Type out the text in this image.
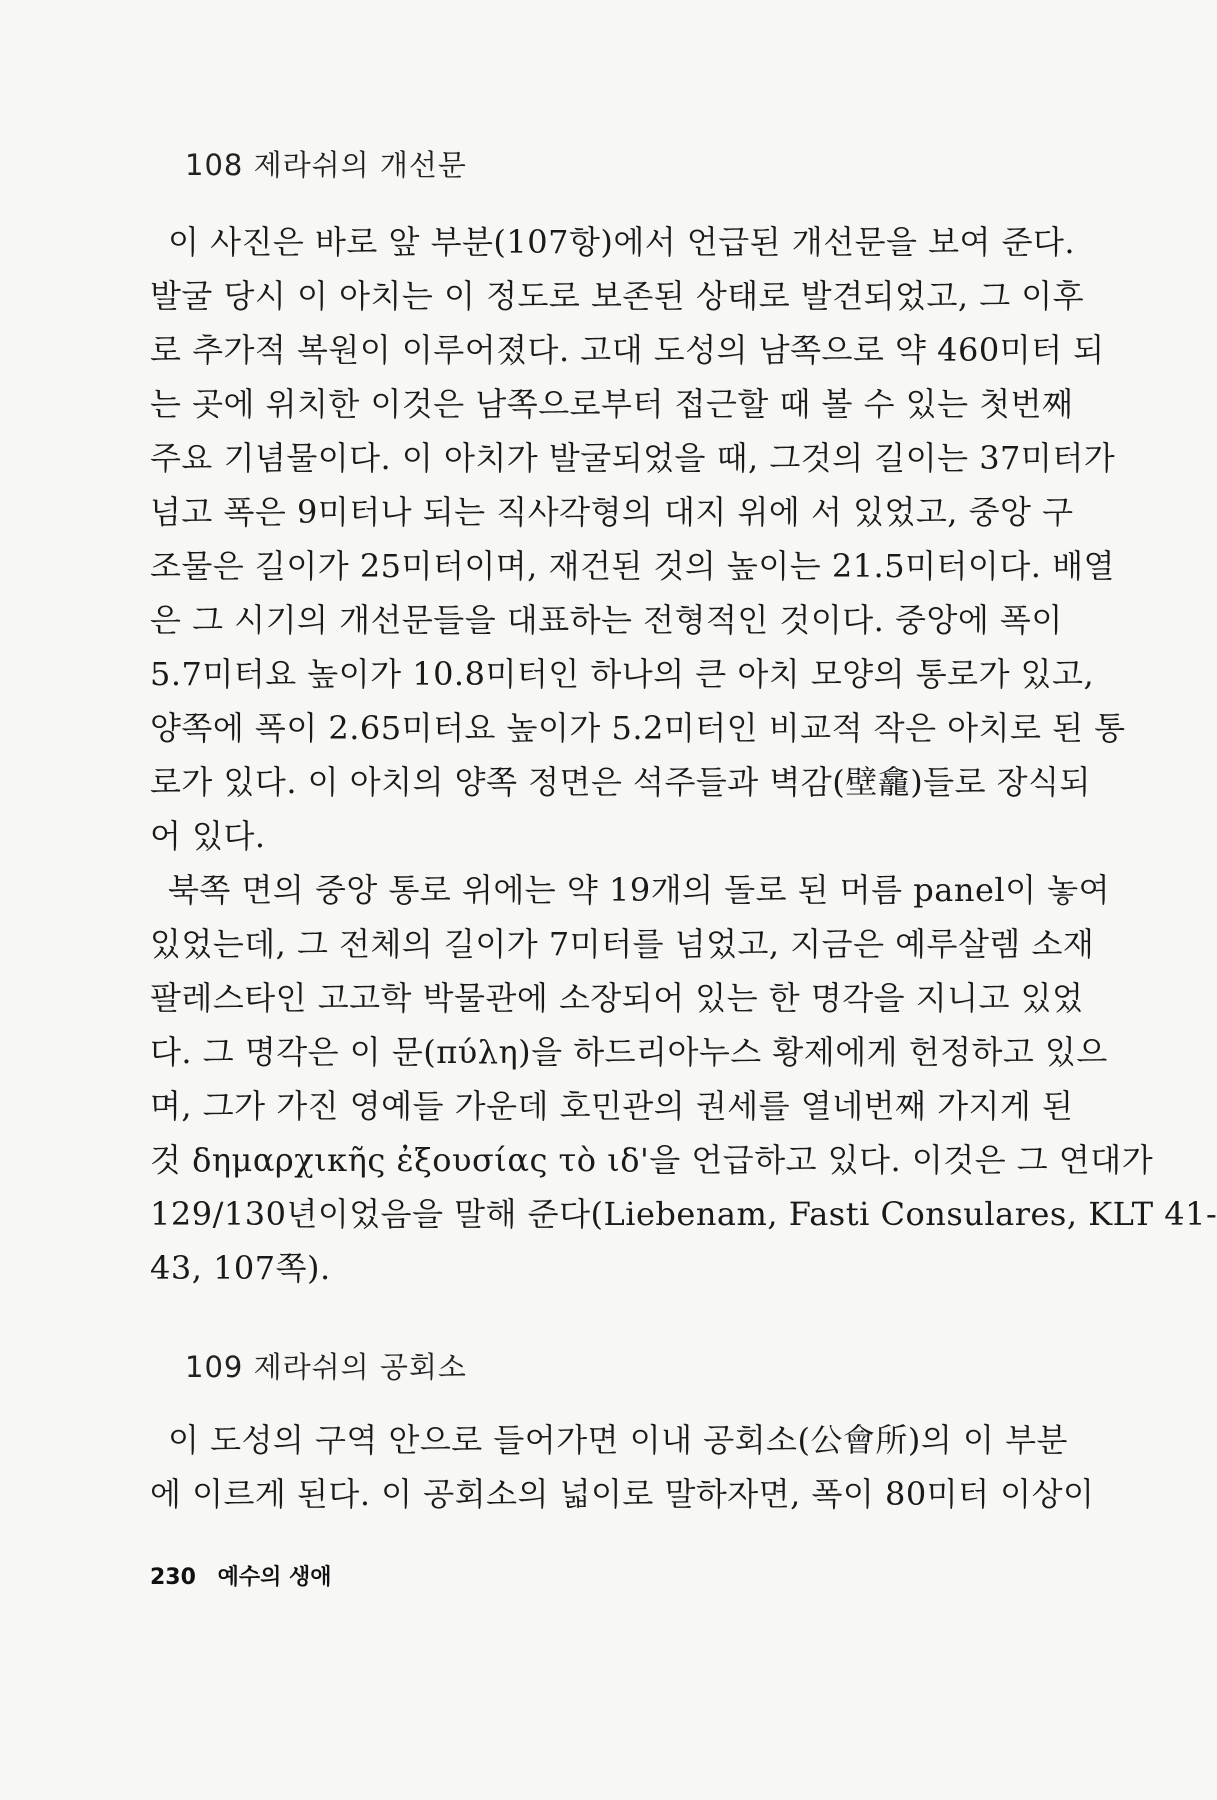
108 제라쉬의 개선문
이 사진은 바로 앞 부분(107항)에서 언급된 개선문을 보여 준다.
발굴 당시 이 아치는 이 정도로 보존된 상태로 발견되었고, 그 이후
로 추가적 복원이 이루어졌다. 고대 도성의 남쪽으로 약 460미터 되
는 곳에 위치한 이것은 남쪽으로부터 접근할 때 볼 수 있는 첫번째
주요 기념물이다. 이 아치가 발굴되었을 때, 그것의 길이는 37미터가
넘고 폭은 9미터나 되는 직사각형의 대지 위에 서 있었고, 중앙 구
조물은 길이가 25미터이며, 재건된 것의 높이는 21.5미터이다. 배열
은 그 시기의 개선문들을 대표하는 전형적인 것이다. 중앙에 폭이
5.7미터요 높이가 10.8미터인 하나의 큰 아치 모양의 통로가 있고,
양쪽에 폭이 2.65미터요 높이가 5.2미터인 비교적 작은 아치로 된 통
로가 있다. 이 아치의 양쪽 정면은 석주들과 벽감(壁龕)들로 장식되
어 있다.
북쪽 면의 중앙 통로 위에는 약 19개의 돌로 된 머름 panel이 놓여
있었는데, 그 전체의 길이가 7미터를 넘었고, 지금은 예루살렘 소재
팔레스타인 고고학 박물관에 소장되어 있는 한 명각을 지니고 있었
다. 그 명각은 이 문(πύλη)을 하드리아누스 황제에게 헌정하고 있으
며, 그가 가진 영예들 가운데 호민관의 권세를 열네번째 가지게 된
것 δημαρχικῆς ἐξουσίας τὸ ιδ'을 언급하고 있다. 이것은 그 연대가
129/130년이었음을 말해 준다(Liebenam, Fasti Consulares, KLT 41-
43, 107쪽).
109 제라쉬의 공회소
이 도성의 구역 안으로 들어가면 이내 공회소(公會所)의 이 부분
에 이르게 된다. 이 공회소의 넓이로 말하자면, 폭이 80미터 이상이
230 예수의 생애
